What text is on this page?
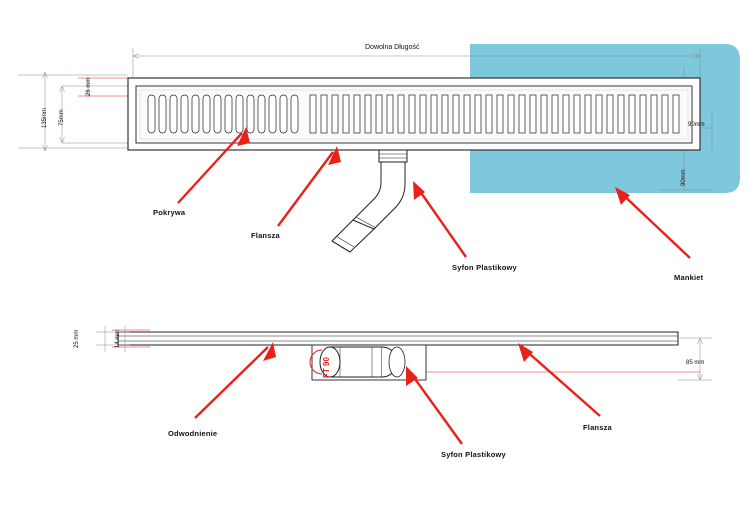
Dowolna Długość
135mm 75mm
26 mm
90mm
90mm
Pokrywa
Flansza
Syfon Plastikowy
Mankiet
25 mm	14 mm
85 mm
FT 90
Odwodnienie
Syfon Plastikowy
Flansza
